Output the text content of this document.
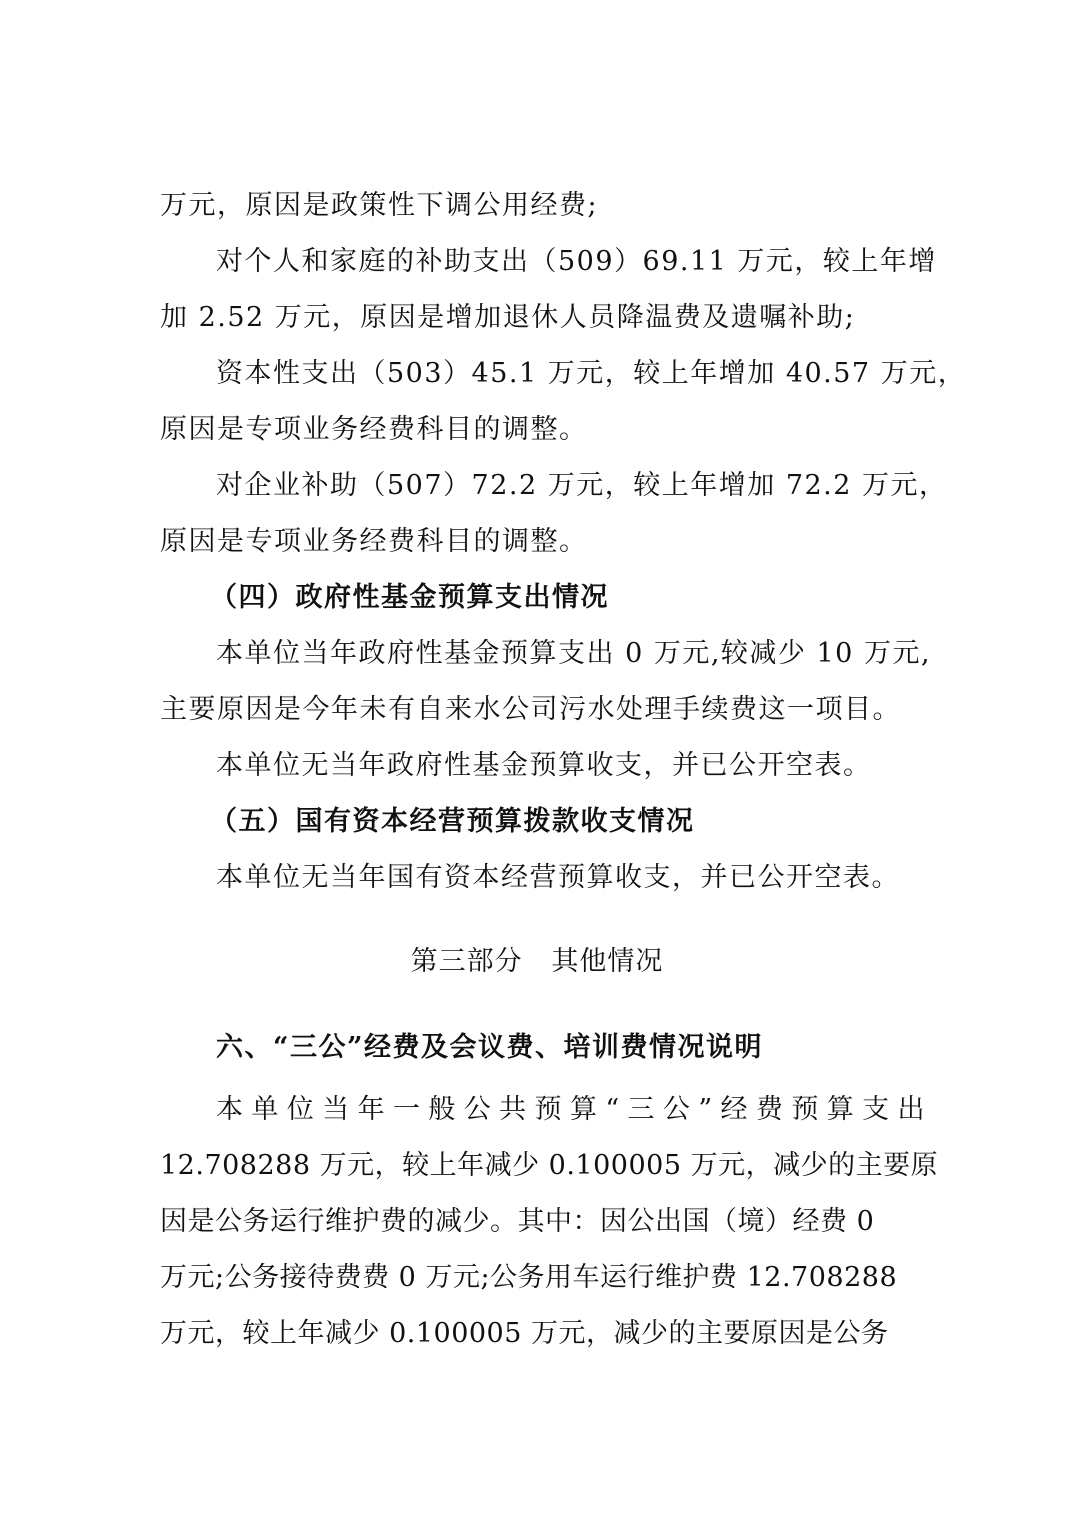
万元，原因是政策性下调公用经费;
对个人和家庭的补助支出（509）69.11 万元，较上年增
加 2.52 万元，原因是增加退休人员降温费及遗嘱补助;
资本性支出（503）45.1 万元，较上年增加 40.57 万元，
原因是专项业务经费科目的调整。
对企业补助（507）72.2 万元，较上年增加 72.2 万元，
原因是专项业务经费科目的调整。
（四）政府性基金预算支出情况
本单位当年政府性基金预算支出 0 万元,较减少 10 万元,
主要原因是今年未有自来水公司污水处理手续费这一项目。
本单位无当年政府性基金预算收支，并已公开空表。
（五）国有资本经营预算拨款收支情况
本单位无当年国有资本经营预算收支，并已公开空表。
第三部分   其他情况
六、“三公”经费及会议费、培训费情况说明
本单位当年一般公共预算“三公”经费预算支出
12.708288 万元，较上年减少 0.100005 万元，减少的主要原
因是公务运行维护费的减少。其中：因公出国（境）经费 0
万元;公务接待费费 0 万元;公务用车运行维护费 12.708288
万元，较上年减少 0.100005 万元，减少的主要原因是公务
